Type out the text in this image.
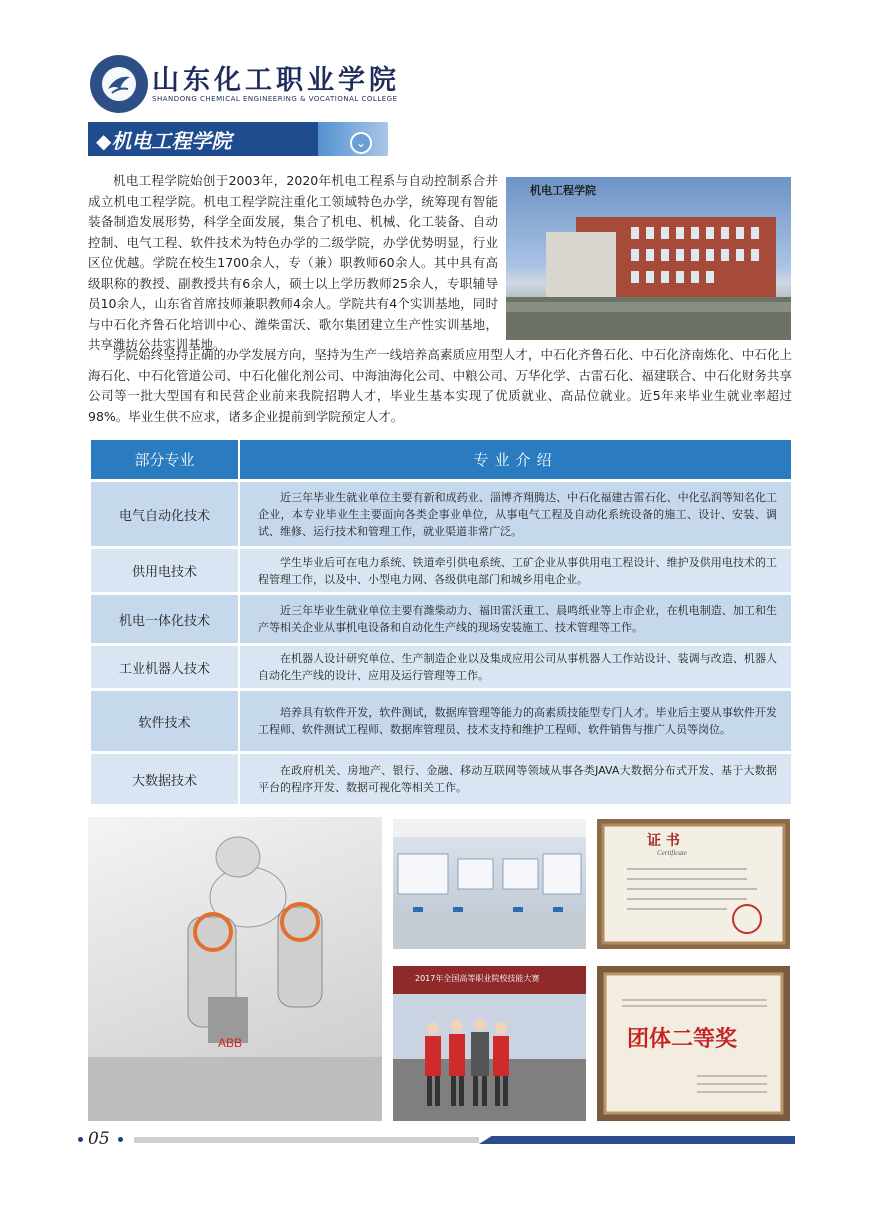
山东化工职业学院
SHANDONG CHEMICAL ENGINEERING & VOCATIONAL COLLEGE
◆机电工程学院	⌄
机电工程学院始创于2003年，2020年机电工程系与自动控制系合并成立机电工程学院。机电工程学院注重化工领域特色办学，统筹现有智能装备制造发展形势，科学全面发展，集合了机电、机械、化工装备、自动控制、电气工程、软件技术为特色办学的二级学院，办学优势明显，行业区位优越。学院在校生1700余人，专（兼）职教师60余人。其中具有高级职称的教授、副教授共有6余人，硕士以上学历教师25余人，专职辅导员10余人，山东省首席技师兼职教师4余人。学院共有4个实训基地，同时与中石化齐鲁石化培训中心、潍柴雷沃、歌尔集团建立生产性实训基地，共享潍坊公共实训基地。
机电工程学院
学院始终坚持正确的办学发展方向，坚持为生产一线培养高素质应用型人才，中石化齐鲁石化、中石化济南炼化、中石化上海石化、中石化管道公司、中石化催化剂公司、中海油海化公司、中粮公司、万华化学、古雷石化、福建联合、中石化财务共享公司等一批大型国有和民营企业前来我院招聘人才，毕业生基本实现了优质就业、高品位就业。近5年来毕业生就业率超过98%。毕业生供不应求，诸多企业提前到学院预定人才。
部分专业	专业介绍
电气自动化技术	近三年毕业生就业单位主要有新和成药业、淄博齐翔腾达、中石化福建古雷石化、中化弘润等知名化工企业，本专业毕业生主要面向各类企事业单位，从事电气工程及自动化系统设备的施工、设计、安装、调试、维修、运行技术和管理工作，就业渠道非常广泛。
供用电技术	学生毕业后可在电力系统、铁道牵引供电系统、工矿企业从事供用电工程设计、维护及供用电技术的工程管理工作，以及中、小型电力网、各级供电部门和城乡用电企业。
机电一体化技术	近三年毕业生就业单位主要有潍柴动力、福田雷沃重工、晨鸣纸业等上市企业，在机电制造、加工和生产等相关企业从事机电设备和自动化生产线的现场安装施工、技术管理等工作。
工业机器人技术	在机器人设计研究单位、生产制造企业以及集成应用公司从事机器人工作站设计、装调与改造、机器人自动化生产线的设计、应用及运行管理等工作。
软件技术	培养具有软件开发，软件测试，数据库管理等能力的高素质技能型专门人才。毕业后主要从事软件开发工程师、软件测试工程师、数据库管理员、技术支持和维护工程师、软件销售与推广人员等岗位。
大数据技术	在政府机关、房地产、银行、金融、移动互联网等领域从事各类JAVA大数据分布式开发、基于大数据平台的程序开发、数据可视化等相关工作。
ABB
证 书
Certificate
2017年全国高等职业院校技能大赛
团体二等奖
05
